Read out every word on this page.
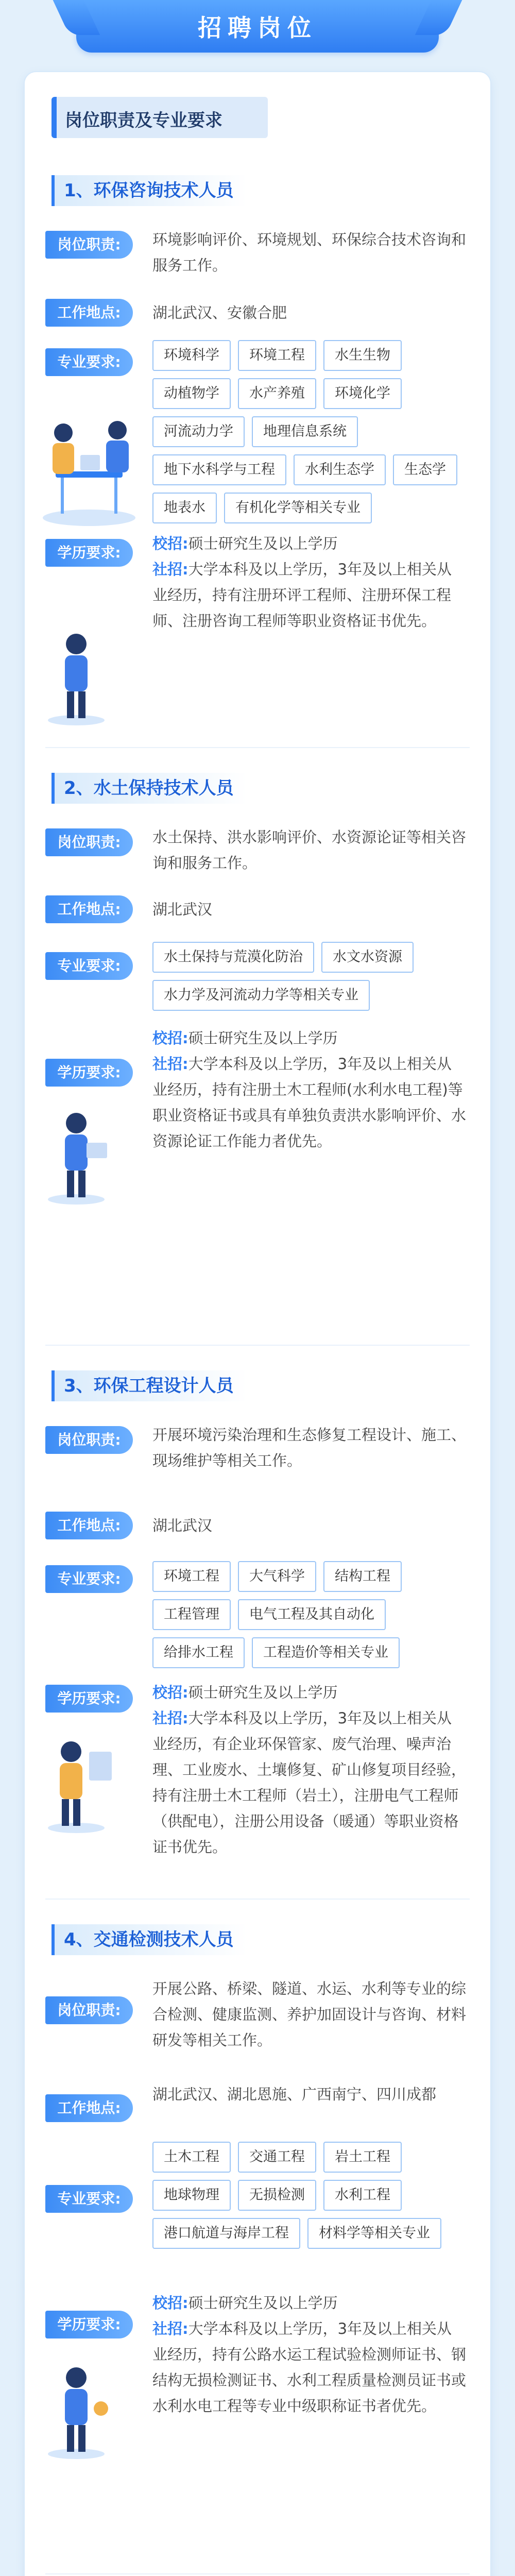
招聘岗位
岗位职责及专业要求
1、环保咨询技术人员
岗位职责:	环境影响评价、环境规划、环保综合技术咨询和服务工作。
工作地点:	湖北武汉、安徽合肥
专业要求:	环境科学	环境工程	水生生物
动植物学	水产养殖	环境化学
河流动力学	地理信息系统
地下水科学与工程	水利生态学	生态学
地表水	有机化学等相关专业
学历要求:
校招:硕士研究生及以上学历
社招:大学本科及以上学历，3年及以上相关从业经历，持有注册环评工程师、注册环保工程师、注册咨询工程师等职业资格证书优先。
2、水土保持技术人员
岗位职责:	水土保持、洪水影响评价、水资源论证等相关咨询和服务工作。
工作地点:	湖北武汉
专业要求:
水土保持与荒漠化防治	水文水资源
水力学及河流动力学等相关专业
学历要求:
校招:硕士研究生及以上学历
社招:大学本科及以上学历，3年及以上相关从业经历，持有注册土木工程师(水利水电工程)等职业资格证书或具有单独负责洪水影响评价、水资源论证工作能力者优先。
3、环保工程设计人员
岗位职责:	开展环境污染治理和生态修复工程设计、施工、现场维护等相关工作。
工作地点:	湖北武汉
专业要求:	环境工程	大气科学	结构工程
工程管理	电气工程及其自动化
给排水工程	工程造价等相关专业
学历要求:	校招:硕士研究生及以上学历
社招:大学本科及以上学历，3年及以上相关从业经历，有企业环保管家、废气治理、噪声治理、工业废水、土壤修复、矿山修复项目经验，持有注册土木工程师（岩土），注册电气工程师（供配电），注册公用设备（暖通）等职业资格证书优先。
4、交通检测技术人员
岗位职责:
开展公路、桥梁、隧道、水运、水利等专业的综合检测、健康监测、养护加固设计与咨询、材料研发等相关工作。
工作地点:
湖北武汉、湖北恩施、广西南宁、四川成都
专业要求:
土木工程	交通工程	岩土工程
地球物理	无损检测	水利工程
港口航道与海岸工程	材料学等相关专业
学历要求:
校招:硕士研究生及以上学历
社招:大学本科及以上学历，3年及以上相关从业经历，持有公路水运工程试验检测师证书、钢结构无损检测证书、水利工程质量检测员证书或水利水电工程等专业中级职称证书者优先。
